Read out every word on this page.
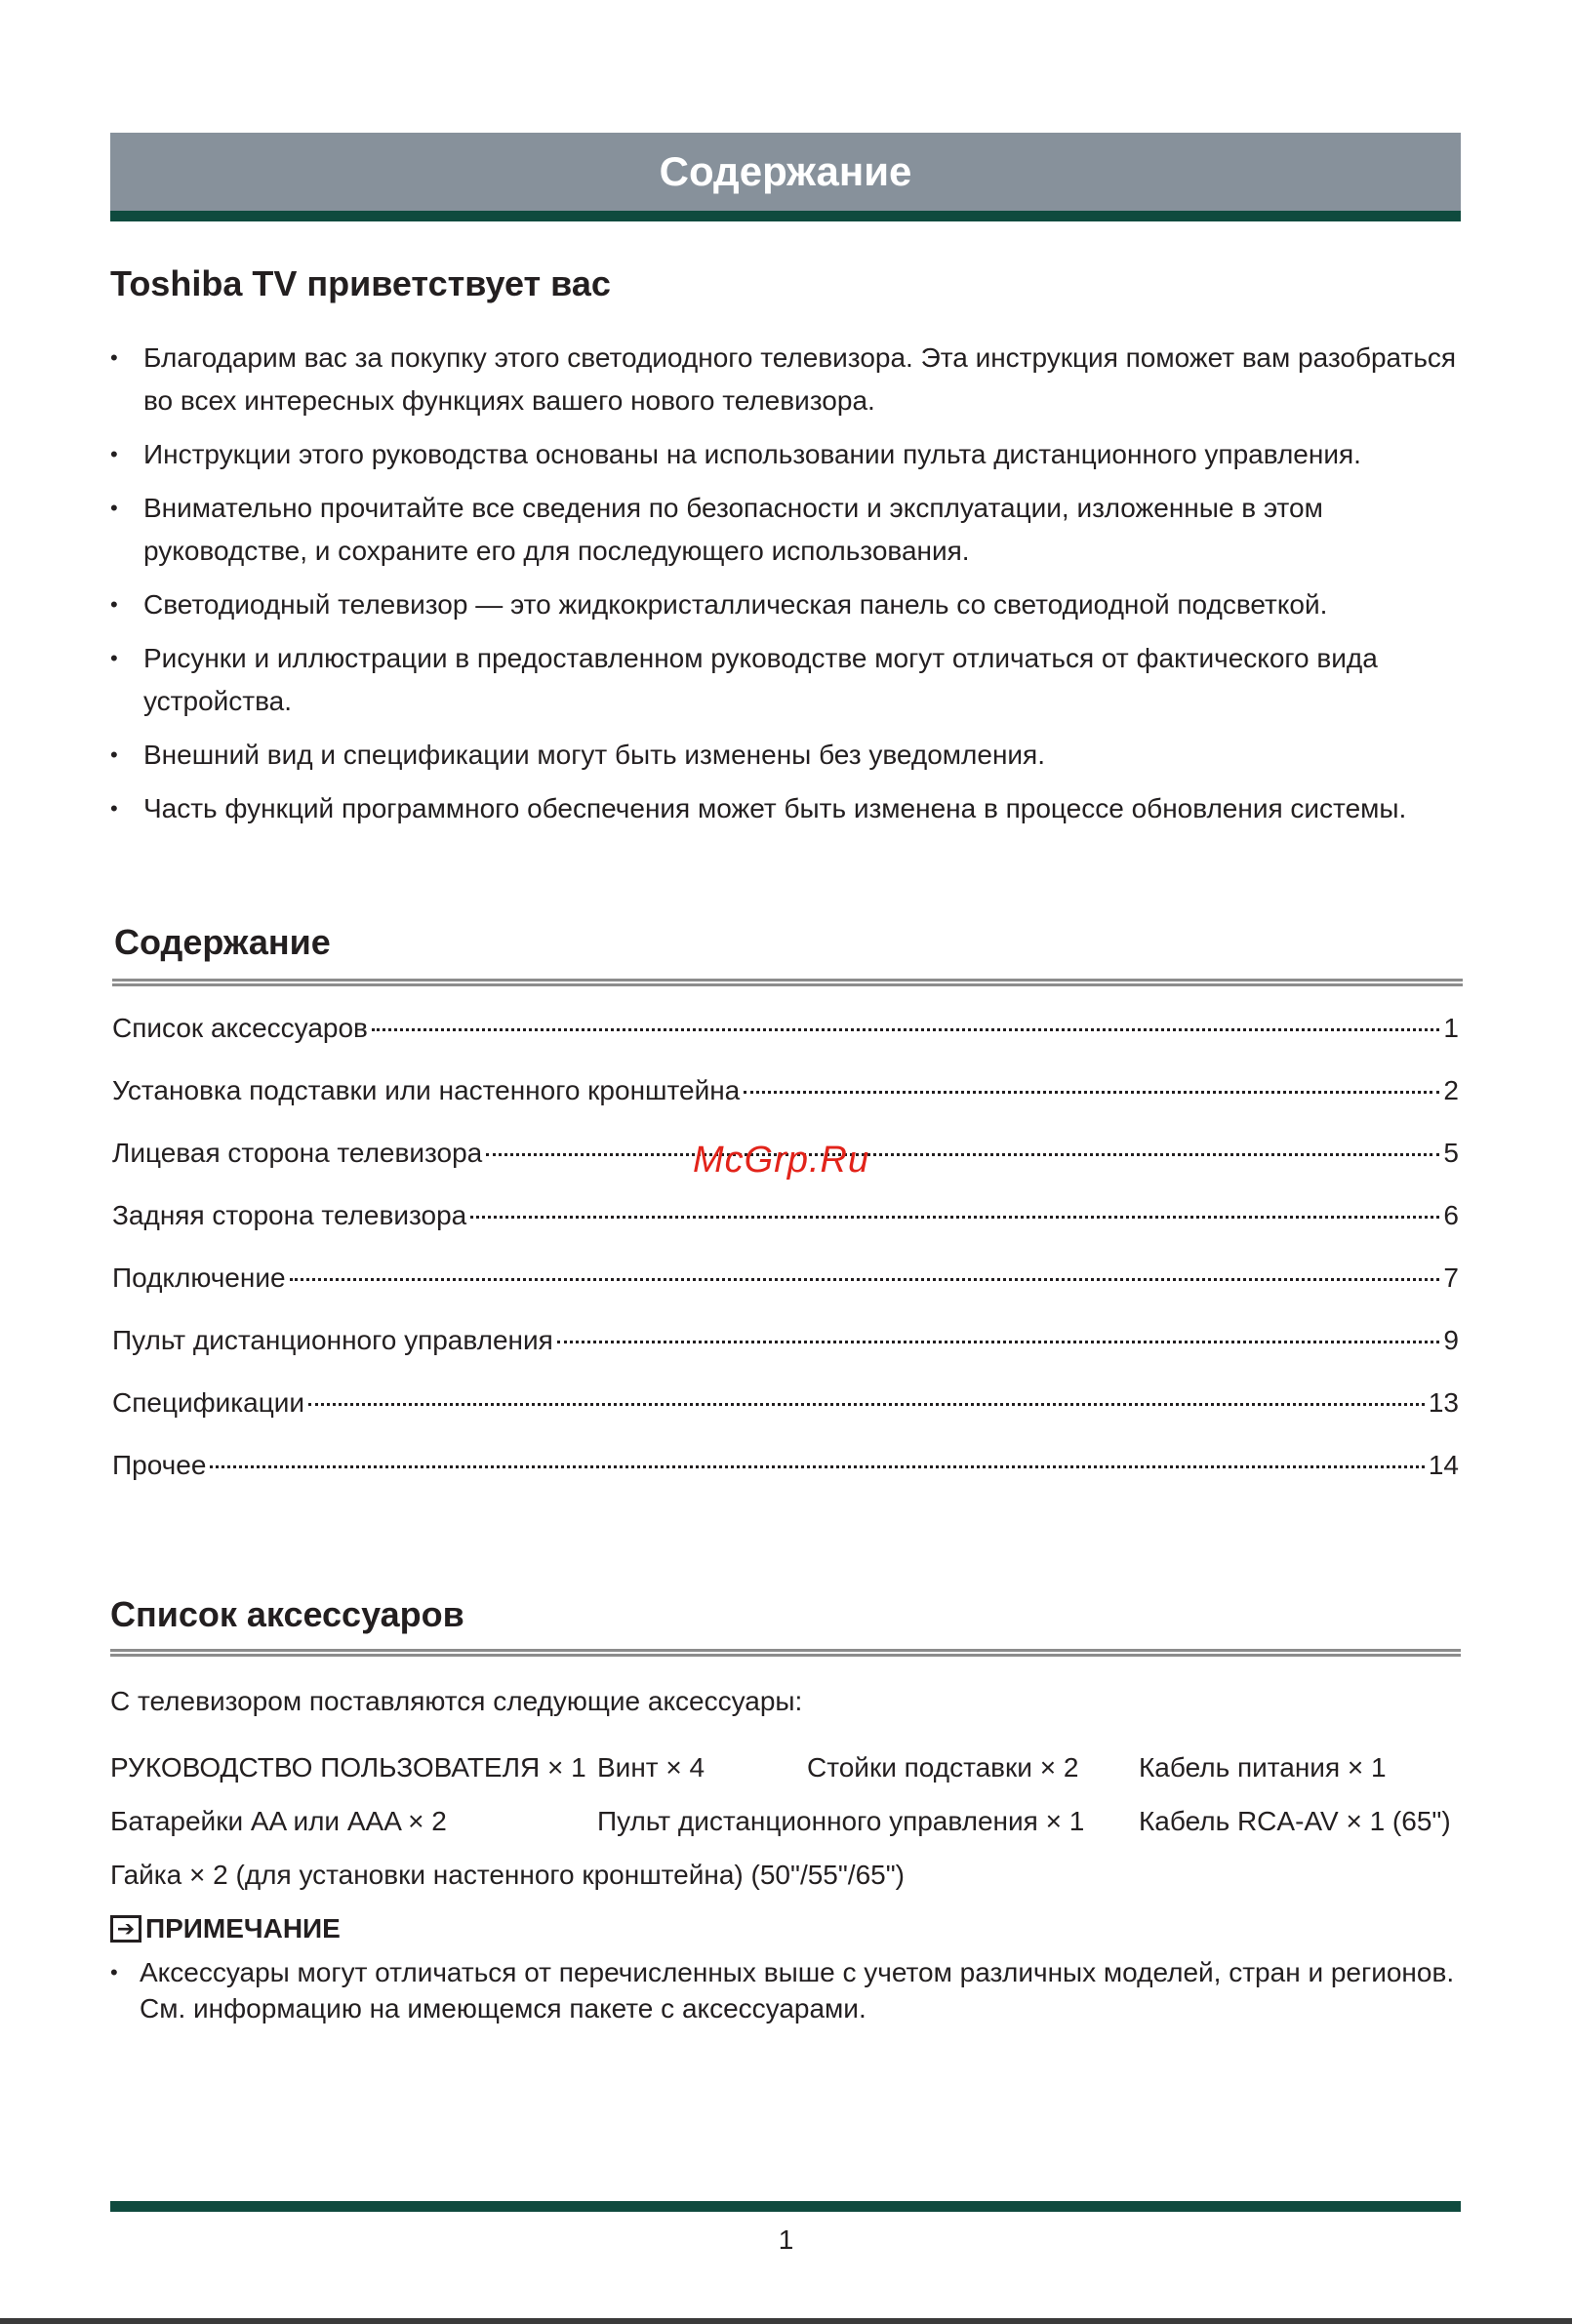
Содержание
Toshiba TV приветствует вас
• Благодарим вас за покупку этого светодиодного телевизора. Эта инструкция поможет вам разобраться во всех интересных функциях вашего нового телевизора.
• Инструкции этого руководства основаны на использовании пульта дистанционного управления.
• Внимательно прочитайте все сведения по безопасности и эксплуатации, изложенные в этом руководстве, и сохраните его для последующего использования.
• Светодиодный телевизор — это жидкокристаллическая панель со светодиодной подсветкой.
• Рисунки и иллюстрации в предоставленном руководстве могут отличаться от фактического вида устройства.
• Внешний вид и спецификации могут быть изменены без уведомления.
• Часть функций программного обеспечения может быть изменена в процессе обновления системы.
Содержание
Список аксессуаров	1
Установка подставки или настенного кронштейна	2
Лицевая сторона телевизора	5
Задняя сторона телевизора	6
Подключение	7
Пульт дистанционного управления	9
Спецификации	13
Прочее	14
McGrp.Ru
Список аксессуаров
С телевизором поставляются следующие аксессуары:
РУКОВОДСТВО ПОЛЬЗОВАТЕЛЯ × 1 Винт × 4	Стойки подставки × 2 Кабель питания × 1
Батарейки AA или AAA × 2	Пульт дистанционного управления × 1 Кабель RCA-AV × 1 (65")
Гайка × 2 (для установки настенного кронштейна) (50"/55"/65")
➔ ПРИМЕЧАНИЕ
• Аксессуары могут отличаться от перечисленных выше с учетом различных моделей, стран и регионов. См. информацию на имеющемся пакете с аксессуарами.
1
